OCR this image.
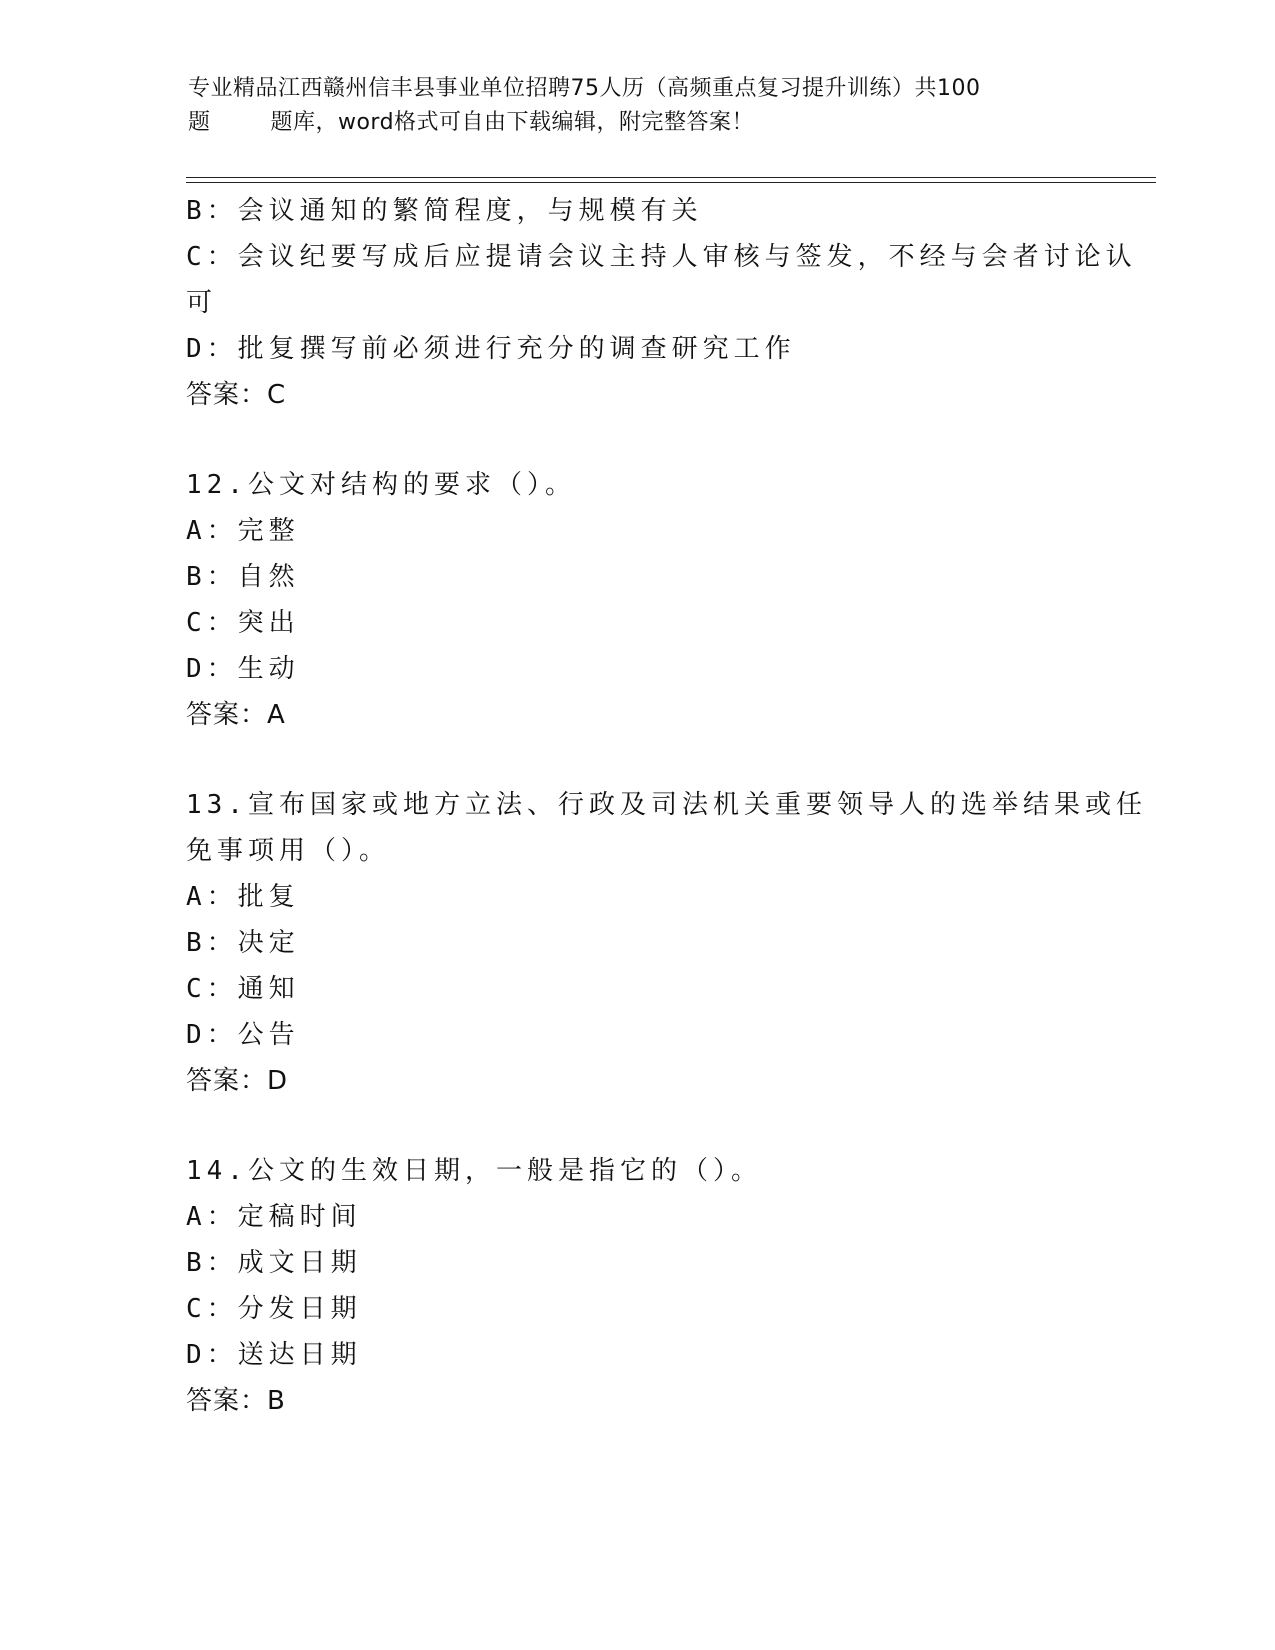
专业精品江西赣州信丰县事业单位招聘75人历（高频重点复习提升训练）共100

题	题库，word格式可自由下载编辑，附完整答案！
B：会议通知的繁简程度，与规模有关
C：会议纪要写成后应提请会议主持人审核与签发，不经与会者讨论认
可
D：批复撰写前必须进行充分的调查研究工作
答案：C
12.公文对结构的要求（）。
A：完整
B：自然
C：突出
D：生动
答案：A
13.宣布国家或地方立法、行政及司法机关重要领导人的选举结果或任
免事项用（）。
A：批复
B：决定
C：通知
D：公告
答案：D
14.公文的生效日期，一般是指它的（）。
A：定稿时间
B：成文日期
C：分发日期
D：送达日期
答案：B
